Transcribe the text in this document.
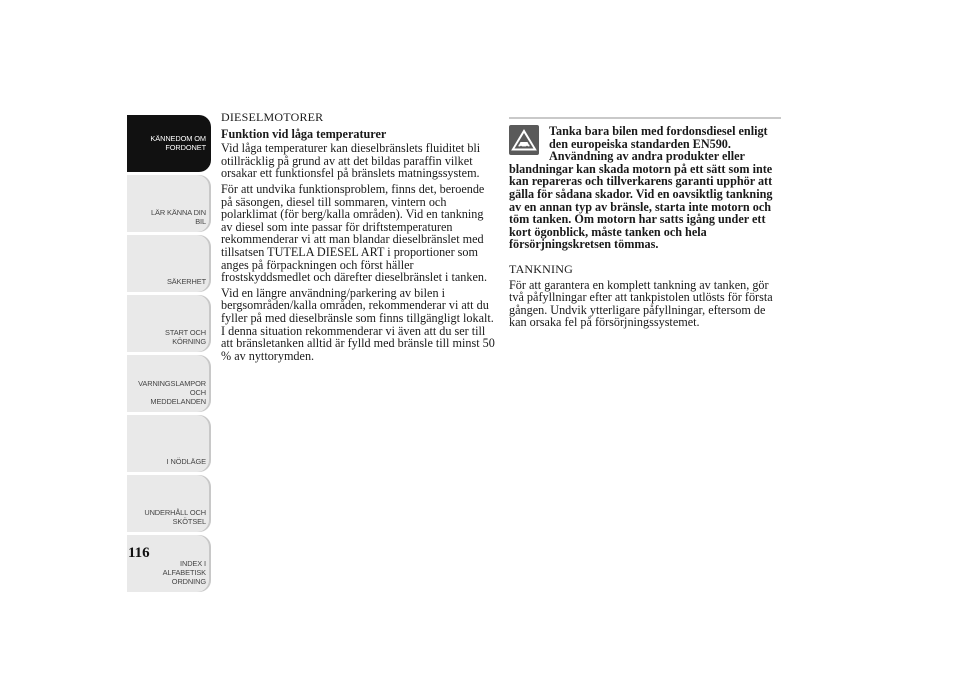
KÄNNEDOM OM
FORDONET
LÄR KÄNNA DIN
BIL
SÄKERHET
START OCH
KÖRNING
VARNINGSLAMPOR
OCH
MEDDELANDEN
I NÖDLÄGE
UNDERHÅLL OCH
SKÖTSEL
INDEX I
ALFABETISK
ORDNING
116
DIESELMOTORER
Funktion vid låga temperaturer

Vid låga temperaturer kan dieselbränslets fluiditet bli otillräcklig på grund av att det bildas paraffin vilket orsakar ett funktionsfel på bränslets matningssystem.

För att undvika funktionsproblem, finns det, beroende på säsongen, diesel till sommaren, vintern och polarklimat (för berg/kalla områden). Vid en tankning av diesel som inte passar för driftstemperaturen rekommenderar vi att man blandar dieselbränslet med tillsatsen TUTELA DIESEL ART i proportioner som anges på förpackningen och först häller frostskyddsmedlet och därefter dieselbränslet i tanken.

Vid en längre användning/parkering av bilen i bergsområden/kalla områden, rekommenderar vi att du fyller på med dieselbränsle som finns tillgängligt lokalt. I denna situation rekommenderar vi även att du ser till att bränsletanken alltid är fylld med bränsle till minst 50 % av nyttorymden.

Tanka bara bilen med fordonsdiesel enligt den europeiska standarden EN590. Användning av andra produkter eller blandningar kan skada motorn på ett sätt som inte kan repareras och tillverkarens garanti upphör att gälla för sådana skador. Vid en oavsiktlig tankning av en annan typ av bränsle, starta inte motorn och töm tanken. Om motorn har satts igång under ett kort ögonblick, måste tanken och hela försörjningskretsen tömmas.
TANKNING

För att garantera en komplett tankning av tanken, gör två påfyllningar efter att tankpistolen utlösts för första gången. Undvik ytterligare påfyllningar, eftersom de kan orsaka fel på försörjningssystemet.
